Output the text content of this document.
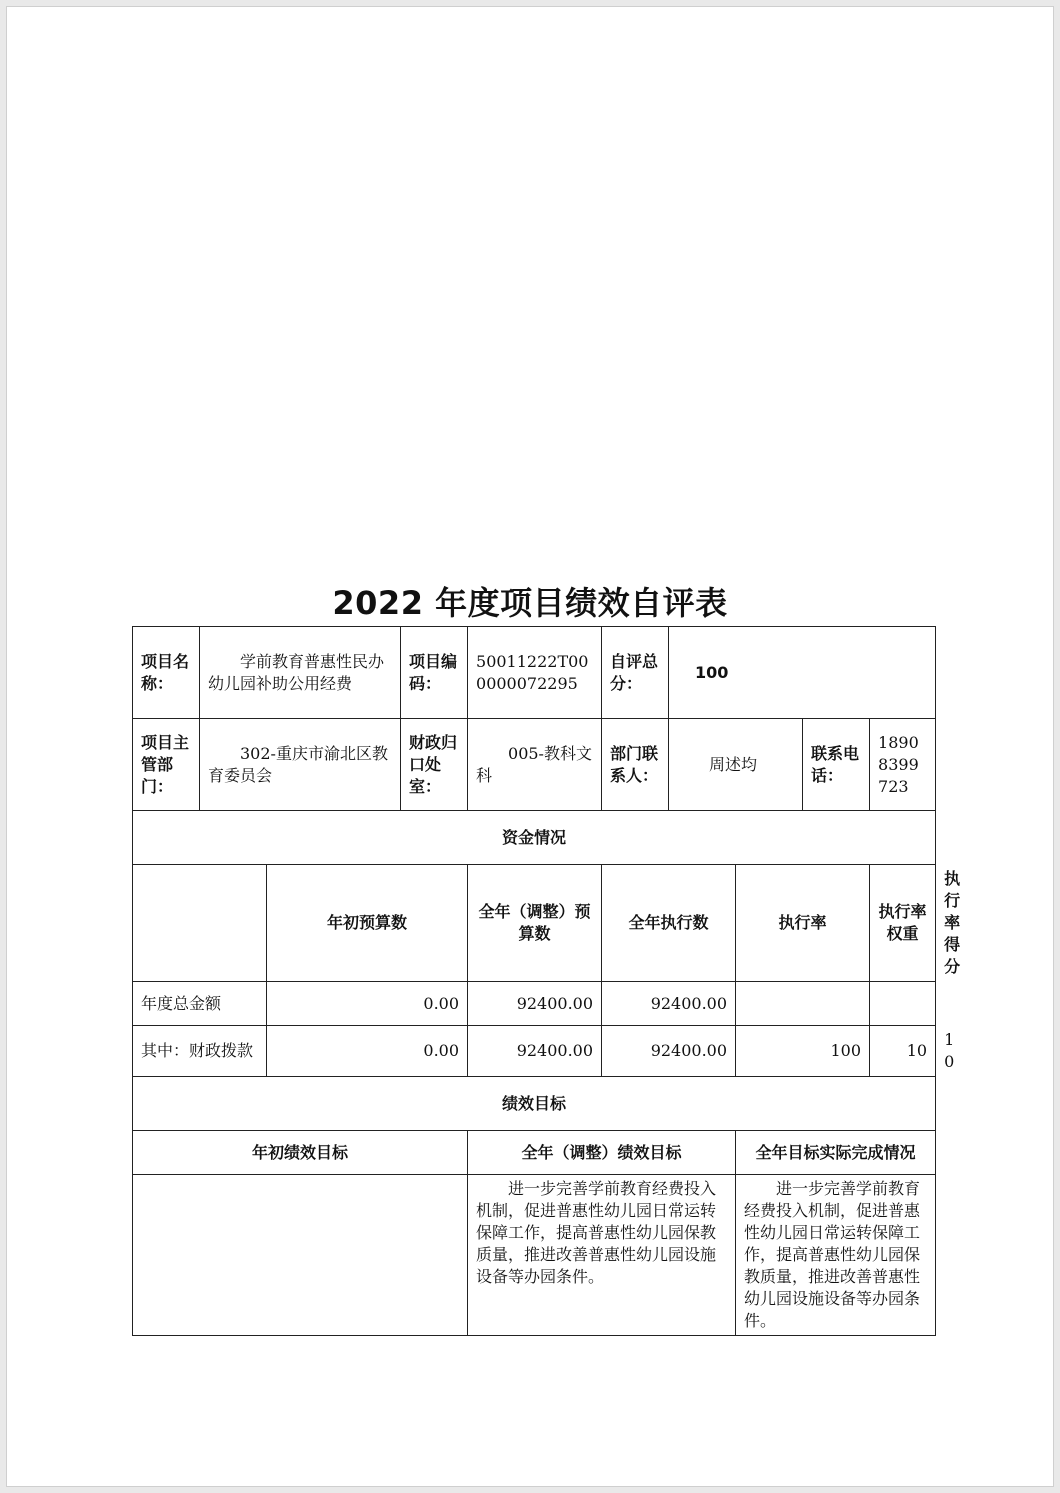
2022 年度项目绩效自评表
项目名称：	学前教育普惠性民办幼儿园补助公用经费		项目编码：	50011222T000000072295	自评总分：	100				
项目主管部门：	302-重庆市渝北区教育委员会		财政归口处室：	005-教科文科	部门联系人：	周述均		联系电话：	18908399723	
资金情况										
		年初预算数		全年（调整）预算数	全年执行数		执行率		执行率权重	
年度总金额		0.00		92400.00	92400.00					
其中：财政拨款		0.00		92400.00	92400.00		100		10	
绩效目标										
年初绩效目标				全年（调整）绩效目标			全年目标实际完成情况			
				进一步完善学前教育经费投入机制，促进普惠性幼儿园日常运转保障工作，提高普惠性幼儿园保教质量，推进改善普惠性幼儿园设施设备等办园条件。			进一步完善学前教育经费投入机制，促进普惠性幼儿园日常运转保障工作，提高普惠性幼儿园保教质量，推进改善普惠性幼儿园设施设备等办园条件。			
